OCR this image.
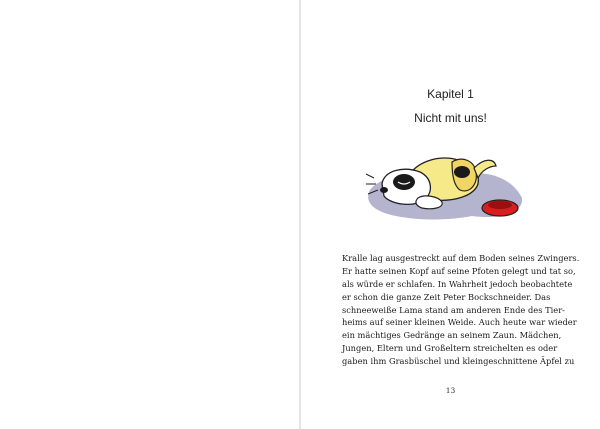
Kapitel 1
Nicht mit uns!
13
Kralle lag ausgestreckt auf dem Boden seines Zwingers.
Er hatte seinen Kopf auf seine Pfoten gelegt und tat so,
als würde er schlafen. In Wahrheit jedoch beobachtete
er schon die ganze Zeit Peter Bockschneider. Das
schneeweiße Lama stand am anderen Ende des Tier-
heims auf seiner kleinen Weide. Auch heute war wieder
ein mächtiges Gedränge an seinem Zaun. Mädchen,
Jungen, Eltern und Großeltern streichelten es oder
gaben ihm Grasbüschel und kleingeschnittene Äpfel zu
